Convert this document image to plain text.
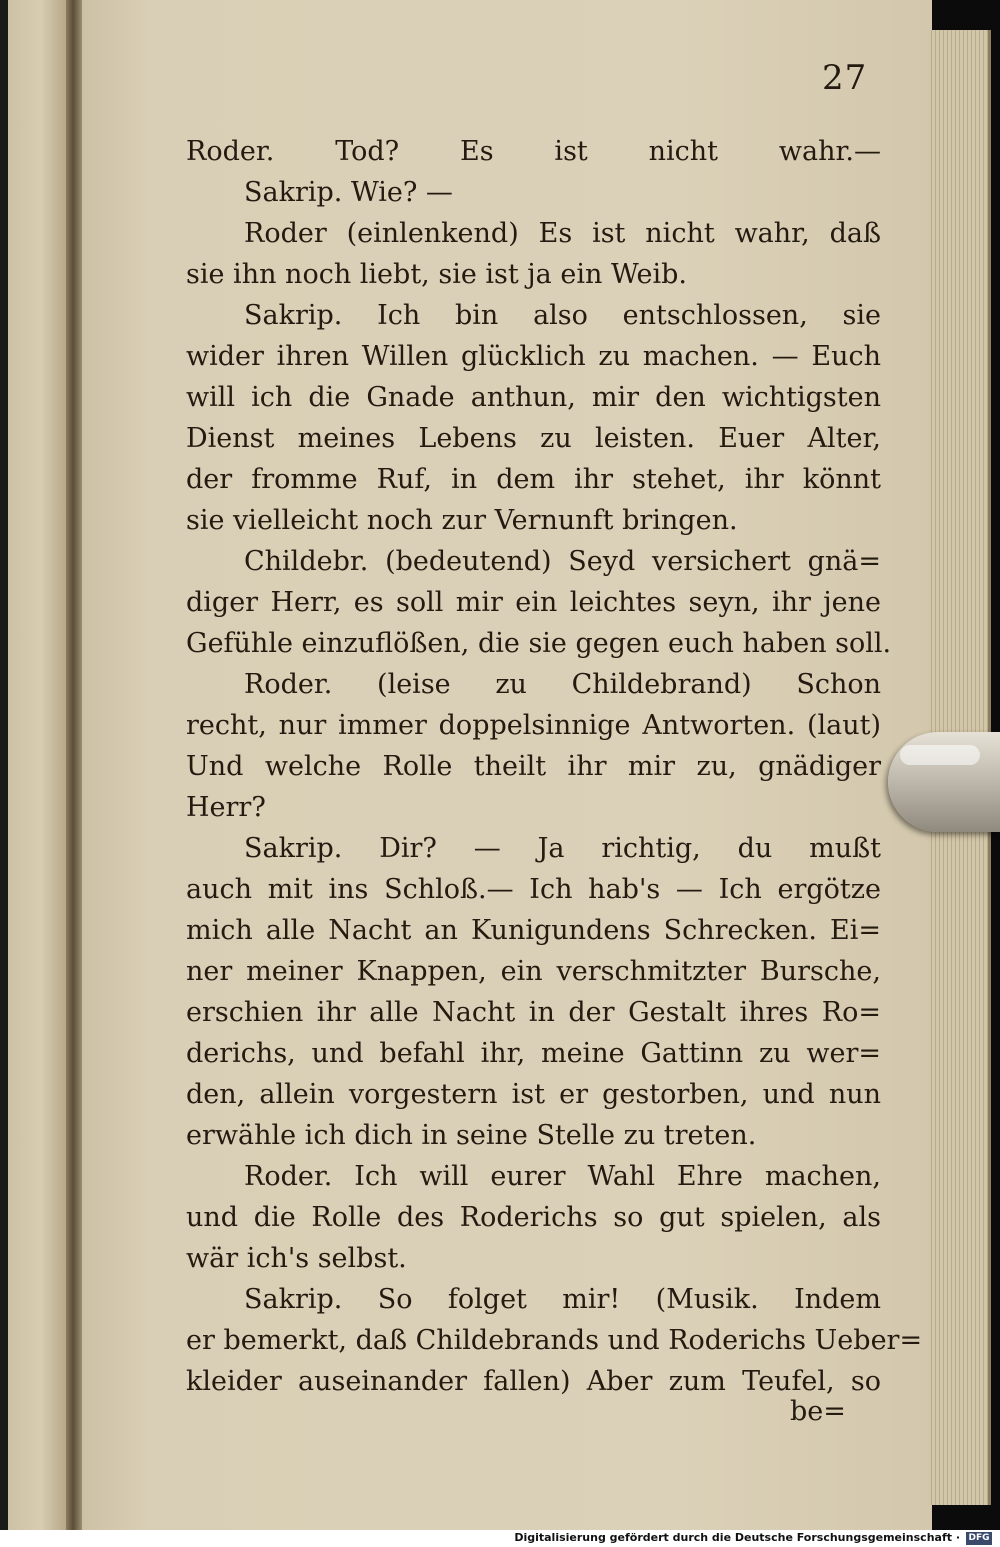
27
Roder. Tod? Es ist nicht wahr.—
Sakrip. Wie? —
Roder (einlenkend) Es ist nicht wahr, daß
sie ihn noch liebt, sie ist ja ein Weib.
Sakrip. Ich bin also entschlossen, sie
wider ihren Willen glücklich zu machen. — Euch
will ich die Gnade anthun, mir den wichtigsten
Dienst meines Lebens zu leisten. Euer Alter,
der fromme Ruf, in dem ihr stehet, ihr könnt
sie vielleicht noch zur Vernunft bringen.
Childebr. (bedeutend) Seyd versichert gnä=
diger Herr, es soll mir ein leichtes seyn, ihr jene
Gefühle einzuflößen, die sie gegen euch haben soll.
Roder. (leise zu Childebrand) Schon
recht, nur immer doppelsinnige Antworten. (laut)
Und welche Rolle theilt ihr mir zu, gnädiger
Herr?
Sakrip. Dir? — Ja richtig, du mußt
auch mit ins Schloß.— Ich hab's — Ich ergötze
mich alle Nacht an Kunigundens Schrecken. Ei=
ner meiner Knappen, ein verschmitzter Bursche,
erschien ihr alle Nacht in der Gestalt ihres Ro=
derichs, und befahl ihr, meine Gattinn zu wer=
den, allein vorgestern ist er gestorben, und nun
erwähle ich dich in seine Stelle zu treten.
Roder. Ich will eurer Wahl Ehre machen,
und die Rolle des Roderichs so gut spielen, als
wär ich's selbst.
Sakrip. So folget mir! (Musik. Indem
er bemerkt, daß Childebrands und Roderichs Ueber=
kleider auseinander fallen) Aber zum Teufel, so
be=
Digitalisierung gefördert durch die Deutsche Forschungsgemeinschaft · DFG
